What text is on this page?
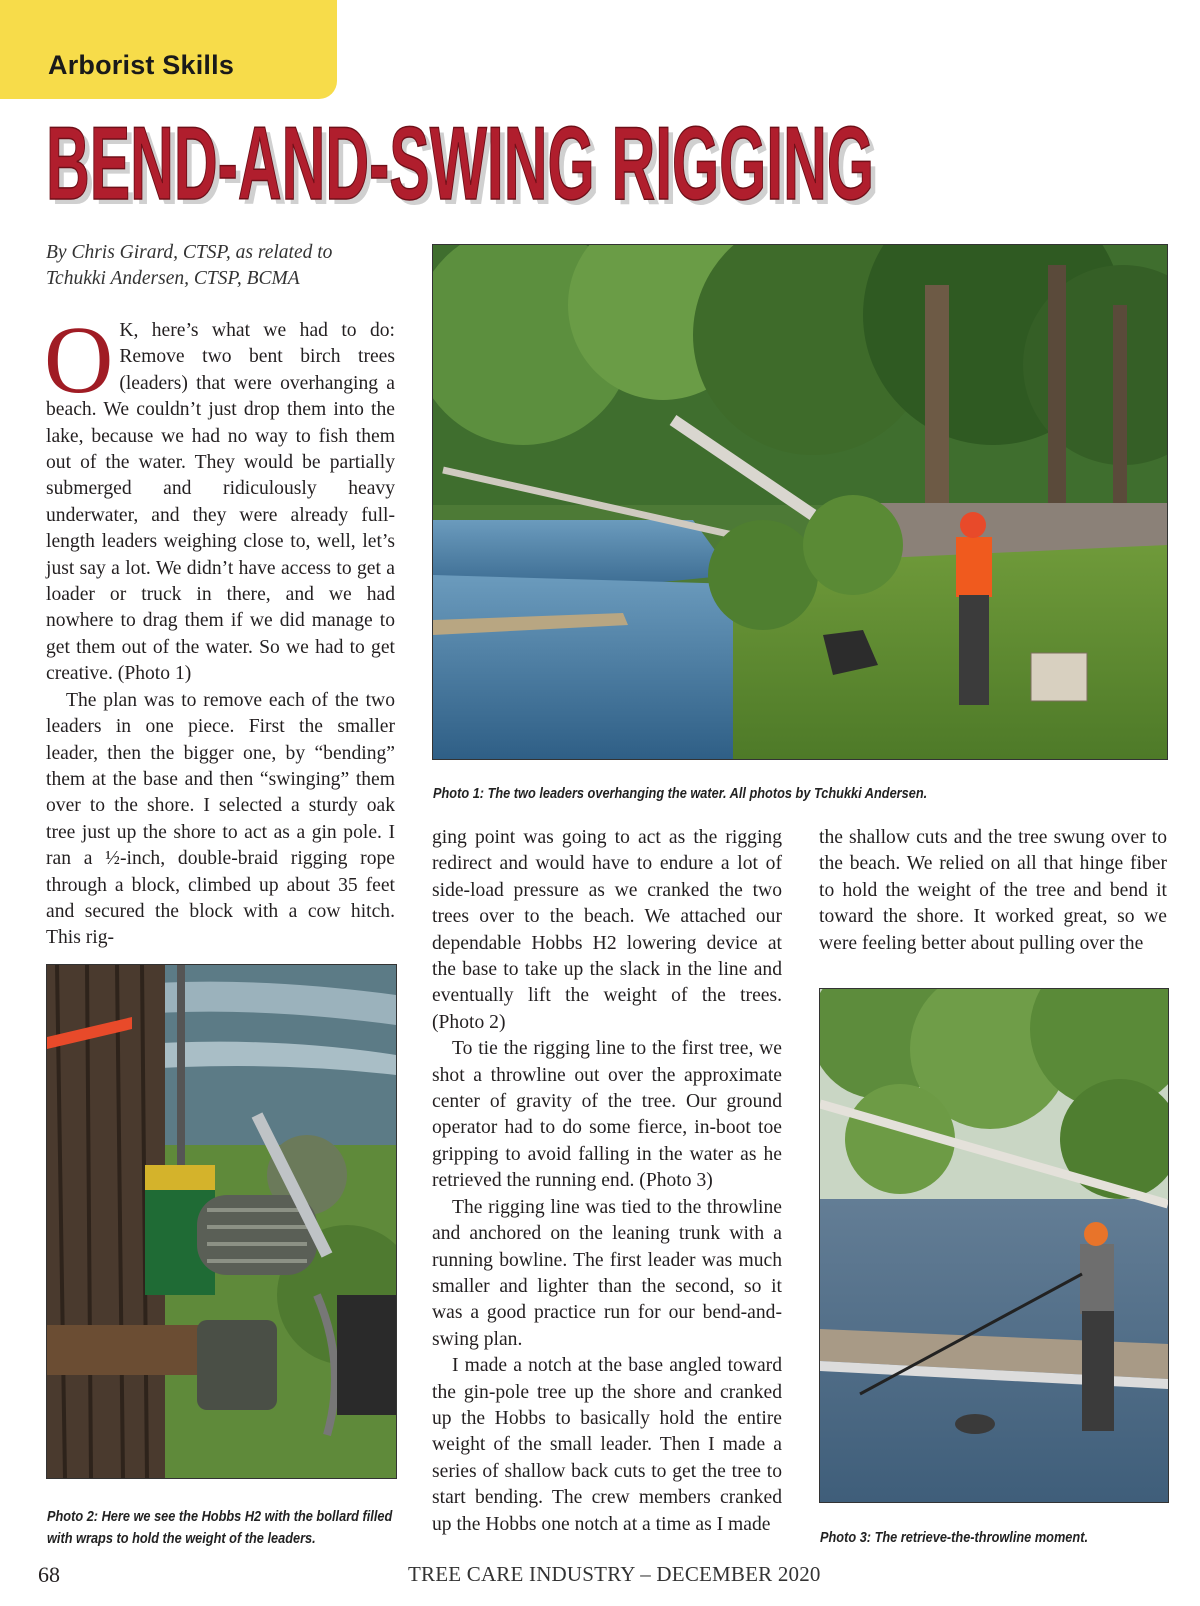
Arborist Skills
BEND-AND-SWING RIGGING
BEND-AND-SWING RIGGING
By Chris Girard, CTSP, as related to Tchukki Andersen, CTSP, BCMA

O K, here’s what we had to do: Remove two bent birch trees (leaders) that were overhanging a beach. We couldn’t just drop them into the lake, because we had no way to fish them out of the water. They would be partially submerged and ridiculously heavy underwater, and they were already full-length leaders weighing close to, well, let’s just say a lot. We didn’t have access to get a loader or truck in there, and we had nowhere to drag them if we did manage to get them out of the water. So we had to get creative. (Photo 1)

The plan was to remove each of the two leaders in one piece. First the smaller leader, then the bigger one, by “bending” them at the base and then “swinging” them over to the shore. I selected a sturdy oak tree just up the shore to act as a gin pole. I ran a ½-inch, double-braid rigging rope through a block, climbed up about 35 feet and secured the block with a cow hitch. This rig-

Photo 1: The two leaders overhanging the water. All photos by Tchukki Andersen.
Photo 2: Here we see the Hobbs H2 with the bollard filled with wraps to hold the weight of the leaders.

ging point was going to act as the rigging redirect and would have to endure a lot of side-load pressure as we cranked the two trees over to the beach. We attached our dependable Hobbs H2 lowering device at the base to take up the slack in the line and eventually lift the weight of the trees. (Photo 2)

To tie the rigging line to the first tree, we shot a throwline out over the approximate center of gravity of the tree. Our ground operator had to do some fierce, in-boot toe gripping to avoid falling in the water as he retrieved the running end. (Photo 3)

The rigging line was tied to the throwline and anchored on the leaning trunk with a running bowline. The first leader was much smaller and lighter than the second, so it was a good practice run for our bend-and-swing plan.

I made a notch at the base angled toward the gin-pole tree up the shore and cranked up the Hobbs to basically hold the entire weight of the small leader. Then I made a series of shallow back cuts to get the tree to start bending. The crew members cranked up the Hobbs one notch at a time as I made

the shallow cuts and the tree swung over to the beach. We relied on all that hinge fiber to hold the weight of the tree and bend it toward the shore. It worked great, so we were feeling better about pulling over the

Photo 3: The retrieve-the-throwline moment.
68	TREE CARE INDUSTRY – DECEMBER 2020
